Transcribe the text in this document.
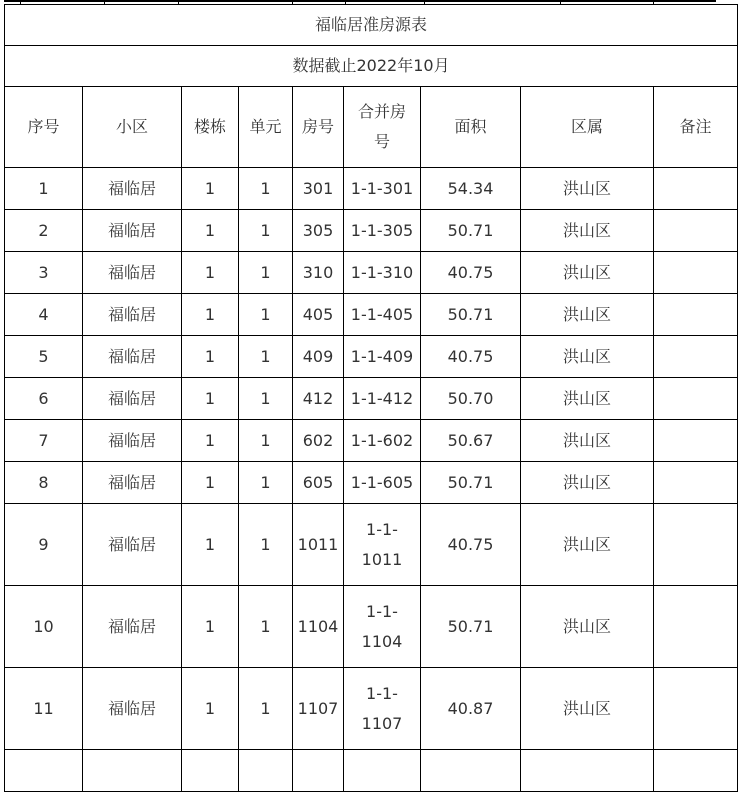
福临居准房源表								
数据截止2022年10月								
序号	小区	楼栋	单元	房号	合并房号	面积	区属	备注
1	福临居	1	1	301	1-1-301	54.34	洪山区	
2	福临居	1	1	305	1-1-305	50.71	洪山区	
3	福临居	1	1	310	1-1-310	40.75	洪山区	
4	福临居	1	1	405	1-1-405	50.71	洪山区	
5	福临居	1	1	409	1-1-409	40.75	洪山区	
6	福临居	1	1	412	1-1-412	50.70	洪山区	
7	福临居	1	1	602	1-1-602	50.67	洪山区	
8	福临居	1	1	605	1-1-605	50.71	洪山区	
9	福临居	1	1	1011	1-1-1011	40.75	洪山区	
10	福临居	1	1	1104	1-1-1104	50.71	洪山区	
11	福临居	1	1	1107	1-1-1107	40.87	洪山区	
